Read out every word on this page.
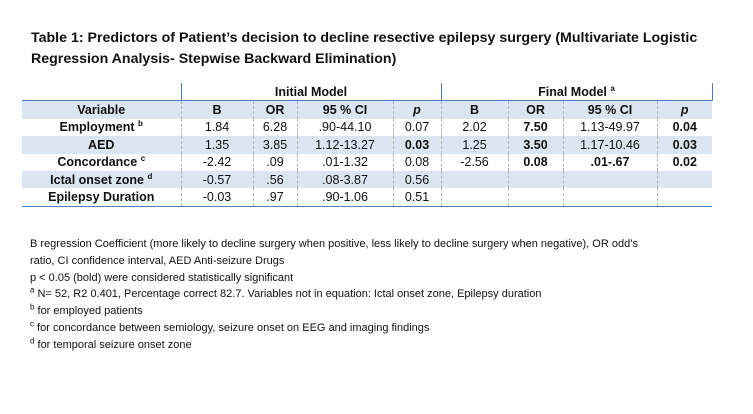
Table 1: Predictors of Patient’s decision to decline resective epilepsy surgery (Multivariate Logistic
Regression Analysis- Stepwise Backward Elimination)
	Initial Model				Final Model $^a$
Variable	B	OR	95 % CI	p	B	OR	95 % CI	p
Employment $^b$	1.84	6.28	.90-44.10	0.07	2.02	7.50	1.13-49.97	0.04
AED	1.35	3.85	1.12-13.27	0.03	1.25	3.50	1.17-10.46	0.03
Concordance $^c$	-2.42	.09	.01-1.32	0.08	-2.56	0.08	.01-.67	0.02
Ictal onset zone $^d$	-0.57	.56	.08-3.87	0.56				
Epilepsy Duration	-0.03	.97	.90-1.06	0.51				
B regression Coefficient (more likely to decline surgery when positive, less likely to decline surgery when negative), OR odd’s
ratio, CI confidence interval, AED Anti-seizure Drugs
p < 0.05 (bold) were considered statistically significant
$^a$ N= 52, R2 0.401, Percentage correct 82.7. Variables not in equation: Ictal onset zone, Epilepsy duration
$^b$ for employed patients
$^c$ for concordance between semiology, seizure onset on EEG and imaging findings
$^d$ for temporal seizure onset zone
